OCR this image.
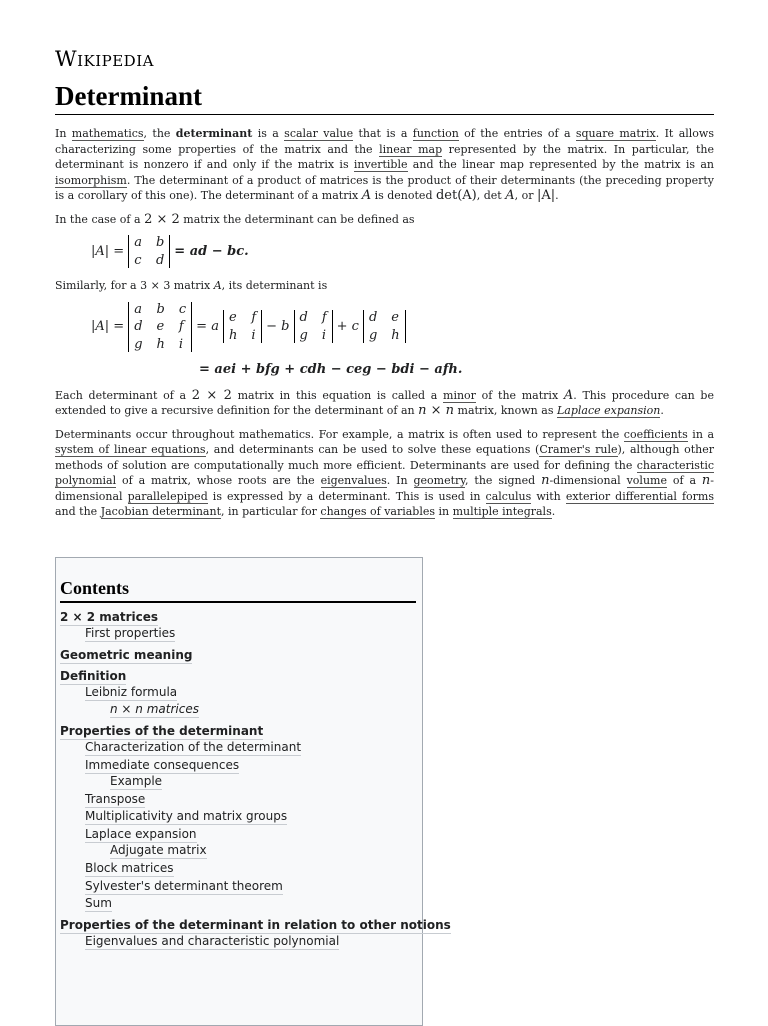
Wikipedia
Determinant

In mathematics, the determinant is a scalar value that is a function of the entries of a square matrix. It allows characterizing some properties of the matrix and the linear map represented by the matrix. In particular, the determinant is nonzero if and only if the matrix is invertible and the linear map represented by the matrix is an isomorphism. The determinant of a product of matrices is the product of their determinants (the preceding property is a corollary of this one). The determinant of a matrix A is denoted det(A), det A, or |A|.

In the case of a 2 × 2 matrix the determinant can be defined as

|A| =
a b
c d
= ad − bc.

Similarly, for a 3 × 3 matrix A, its determinant is

|A| =
a b c
d e f
g h i
= a
e f
h i
− b
d f
g i
+ c
d e
g h
= aei + bfg + cdh − ceg − bdi − afh.

Each determinant of a 2 × 2 matrix in this equation is called a minor of the matrix A. This procedure can be extended to give a recursive definition for the determinant of an n × n matrix, known as Laplace expansion.

Determinants occur throughout mathematics. For example, a matrix is often used to represent the coefficients in a system of linear equations, and determinants can be used to solve these equations (Cramer's rule), although other methods of solution are computationally much more efficient. Determinants are used for defining the characteristic polynomial of a matrix, whose roots are the eigenvalues. In geometry, the signed n-dimensional volume of a n-dimensional parallelepiped is expressed by a determinant. This is used in calculus with exterior differential forms and the Jacobian determinant, in particular for changes of variables in multiple integrals.

Contents
2 × 2 matrices
First properties
Geometric meaning
Definition
Leibniz formula
n × n matrices
Properties of the determinant
Characterization of the determinant
Immediate consequences
Example
Transpose
Multiplicativity and matrix groups
Laplace expansion
Adjugate matrix
Block matrices
Sylvester's determinant theorem
Sum
Properties of the determinant in relation to other notions
Eigenvalues and characteristic polynomial
